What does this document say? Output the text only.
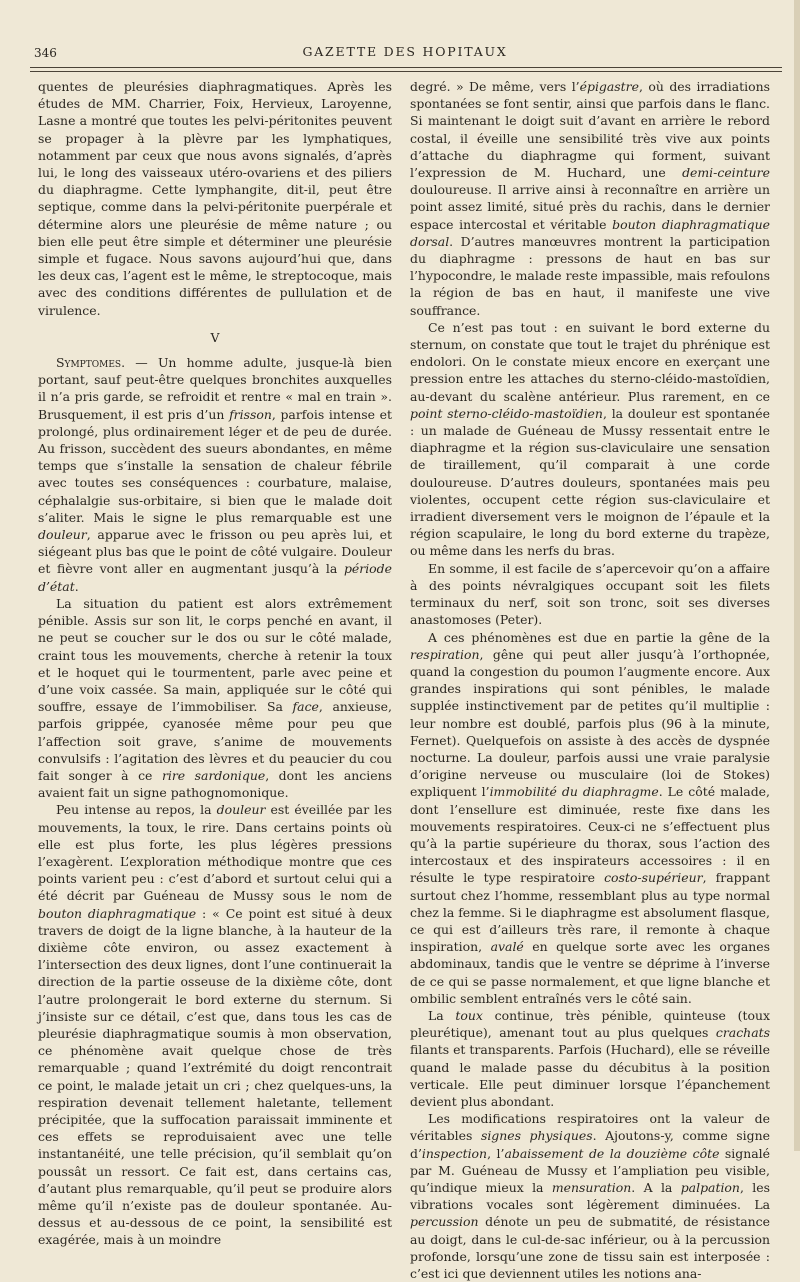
346	GAZETTE DES HOPITAUX

quentes de pleurésies diaphragmatiques. Après les études de MM. Charrier, Foix, Hervieux, Laroyenne, Lasne a montré que toutes les pelvi-péritonites peuvent se propager à la plèvre par les lymphatiques, notamment par ceux que nous avons signalés, d’après lui, le long des vaisseaux utéro-ovariens et des piliers du diaphragme. Cette lymphangite, dit-il, peut être septique, comme dans la pelvi-péritonite puerpérale et détermine alors une pleurésie de même nature ; ou bien elle peut être simple et déterminer une pleurésie simple et fugace. Nous savons aujourd’hui que, dans les deux cas, l’agent est le même, le streptocoque, mais avec des conditions différentes de pullulation et de virulence.

V

Symptomes. — Un homme adulte, jusque-là bien portant, sauf peut-être quelques bronchites auxquelles il n’a pris garde, se refroidit et rentre « mal en train ». Brusquement, il est pris d’un frisson, parfois intense et prolongé, plus ordinairement léger et de peu de durée. Au frisson, succèdent des sueurs abondantes, en même temps que s’installe la sensation de chaleur fébrile avec toutes ses conséquences : courbature, malaise, céphalalgie sus-orbitaire, si bien que le malade doit s’aliter. Mais le signe le plus remarquable est une douleur, apparue avec le frisson ou peu après lui, et siégeant plus bas que le point de côté vulgaire. Douleur et fièvre vont aller en augmentant jusqu’à la période d’état.

La situation du patient est alors extrêmement pénible. Assis sur son lit, le corps penché en avant, il ne peut se coucher sur le dos ou sur le côté malade, craint tous les mouvements, cherche à retenir la toux et le hoquet qui le tourmentent, parle avec peine et d’une voix cassée. Sa main, appliquée sur le côté qui souffre, essaye de l’immobiliser. Sa face, anxieuse, parfois grippée, cyanosée même pour peu que l’affection soit grave, s’anime de mouvements convulsifs : l’agitation des lèvres et du peaucier du cou fait songer à ce rire sardonique, dont les anciens avaient fait un signe pathognomonique.

Peu intense au repos, la douleur est éveillée par les mouvements, la toux, le rire. Dans certains points où elle est plus forte, les plus légères pressions l’exagèrent. L’exploration méthodique montre que ces points varient peu : c’est d’abord et surtout celui qui a été décrit par Guéneau de Mussy sous le nom de bouton diaphragmatique : « Ce point est situé à deux travers de doigt de la ligne blanche, à la hauteur de la dixième côte environ, ou assez exactement à l’intersection des deux lignes, dont l’une continuerait la direction de la partie osseuse de la dixième côte, dont l’autre prolongerait le bord externe du sternum. Si j’insiste sur ce détail, c’est que, dans tous les cas de pleurésie diaphragmatique soumis à mon observation, ce phénomène avait quelque chose de très remarquable ; quand l’extrémité du doigt rencontrait ce point, le malade jetait un cri ; chez quelques-uns, la respiration devenait tellement haletante, tellement précipitée, que la suffocation paraissait imminente et ces effets se reproduisaient avec une telle instantanéité, une telle précision, qu’il semblait qu’on poussât un ressort. Ce fait est, dans certains cas, d’autant plus remarquable, qu’il peut se produire alors même qu’il n’existe pas de douleur spontanée. Au-dessus et au-dessous de ce point, la sensibilité est exagérée, mais à un moindre

degré. » De même, vers l’épigastre, où des irradiations spontanées se font sentir, ainsi que parfois dans le flanc. Si maintenant le doigt suit d’avant en arrière le rebord costal, il éveille une sensibilité très vive aux points d’attache du diaphragme qui forment, suivant l’expression de M. Huchard, une demi-ceinture douloureuse. Il arrive ainsi à reconnaître en arrière un point assez limité, situé près du rachis, dans le dernier espace intercostal et véritable bouton diaphragmatique dorsal. D’autres manœuvres montrent la participation du diaphragme : pressons de haut en bas sur l’hypocondre, le malade reste impassible, mais refoulons la région de bas en haut, il manifeste une vive souffrance.

Ce n’est pas tout : en suivant le bord externe du sternum, on constate que tout le trajet du phrénique est endolori. On le constate mieux encore en exerçant une pression entre les attaches du sterno-cléido-mastoïdien, au-devant du scalène antérieur. Plus rarement, en ce point sterno-cléido-mastoïdien, la douleur est spontanée : un malade de Guéneau de Mussy ressentait entre le diaphragme et la région sus-claviculaire une sensation de tiraillement, qu’il comparait à une corde douloureuse. D’autres douleurs, spontanées mais peu violentes, occupent cette région sus-claviculaire et irradient diversement vers le moignon de l’épaule et la région scapulaire, le long du bord externe du trapèze, ou même dans les nerfs du bras.

En somme, il est facile de s’apercevoir qu’on a affaire à des points névralgiques occupant soit les filets terminaux du nerf, soit son tronc, soit ses diverses anastomoses (Peter).

A ces phénomènes est due en partie la gêne de la respiration, gêne qui peut aller jusqu’à l’orthopnée, quand la congestion du poumon l’augmente encore. Aux grandes inspirations qui sont pénibles, le malade supplée instinctivement par de petites qu’il multiplie : leur nombre est doublé, parfois plus (96 à la minute, Fernet). Quelquefois on assiste à des accès de dyspnée nocturne. La douleur, parfois aussi une vraie paralysie d’origine nerveuse ou musculaire (loi de Stokes) expliquent l’immobilité du diaphragme. Le côté malade, dont l’ensellure est diminuée, reste fixe dans les mouvements respiratoires. Ceux-ci ne s’effectuent plus qu’à la partie supérieure du thorax, sous l’action des intercostaux et des inspirateurs accessoires : il en résulte le type respiratoire costo-supérieur, frappant surtout chez l’homme, ressemblant plus au type normal chez la femme. Si le diaphragme est absolument flasque, ce qui est d’ailleurs très rare, il remonte à chaque inspiration, avalé en quelque sorte avec les organes abdominaux, tandis que le ventre se déprime à l’inverse de ce qui se passe normalement, et que ligne blanche et ombilic semblent entraînés vers le côté sain.

La toux continue, très pénible, quinteuse (toux pleurétique), amenant tout au plus quelques crachats filants et transparents. Parfois (Huchard), elle se réveille quand le malade passe du décubitus à la position verticale. Elle peut diminuer lorsque l’épanchement devient plus abondant.

Les modifications respiratoires ont la valeur de véritables signes physiques. Ajoutons-y, comme signe d’inspection, l’abaissement de la douzième côte signalé par M. Guéneau de Mussy et l’ampliation peu visible, qu’indique mieux la mensuration. A la palpation, les vibrations vocales sont légèrement diminuées. La percussion dénote un peu de submatité, de résistance au doigt, dans le cul-de-sac inférieur, ou à la percussion profonde, lorsqu’une zone de tissu sain est interposée : c’est ici que deviennent utiles les notions ana-
